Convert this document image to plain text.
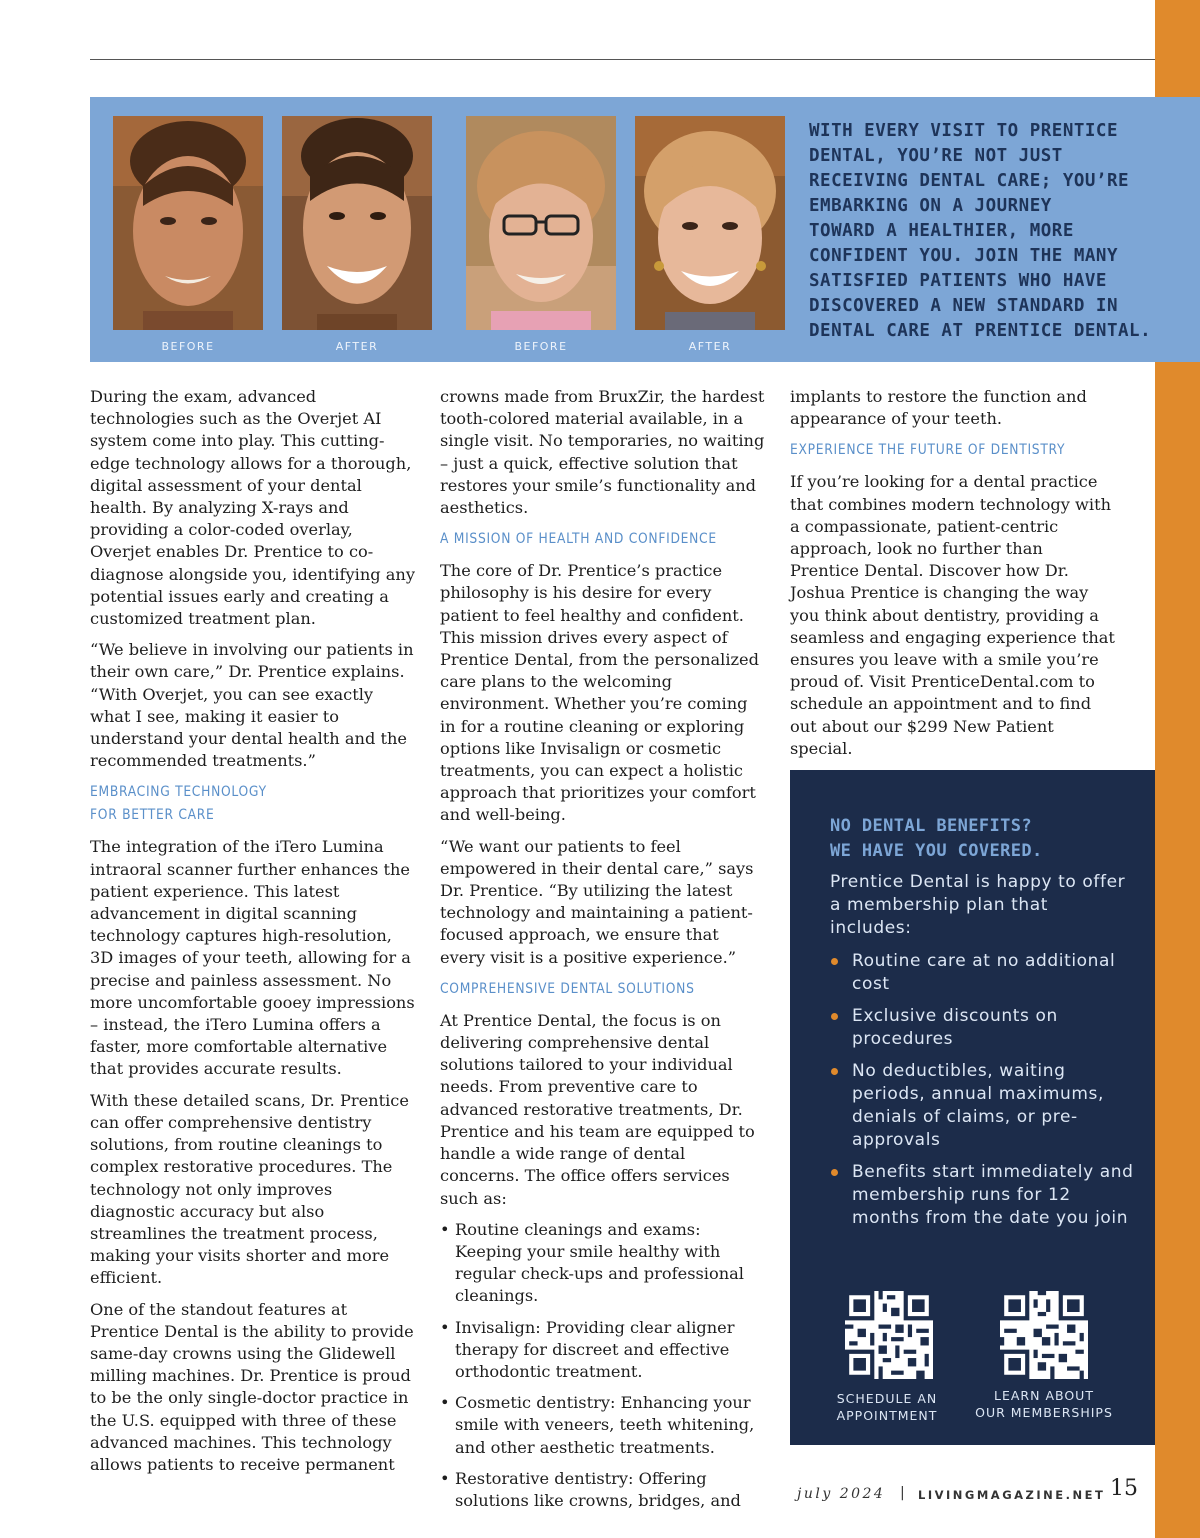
BEFORE	AFTER	BEFORE	AFTER
WITH EVERY VISIT TO PRENTICE
DENTAL, YOU’RE NOT JUST
RECEIVING DENTAL CARE; YOU’RE
EMBARKING ON A JOURNEY
TOWARD A HEALTHIER, MORE
CONFIDENT YOU. JOIN THE MANY
SATISFIED PATIENTS WHO HAVE
DISCOVERED A NEW STANDARD IN
DENTAL CARE AT PRENTICE DENTAL.

During the exam, advanced technologies such as the Overjet AI system come into play. This cutting-edge technology allows for a thorough, digital assessment of your dental health. By analyzing X-rays and providing a color-coded overlay, Overjet enables Dr. Prentice to co-diagnose alongside you, identifying any potential issues early and creating a customized treatment plan.

“We believe in involving our patients in their own care,” Dr. Prentice explains. “With Overjet, you can see exactly what I see, making it easier to understand your dental health and the recommended treatments.”

EMBRACING TECHNOLOGY
FOR BETTER CARE

The integration of the iTero Lumina intraoral scanner further enhances the patient experience. This latest advancement in digital scanning technology captures high-resolution, 3D images of your teeth, allowing for a precise and painless assessment. No more uncomfortable gooey impressions – instead, the iTero Lumina offers a faster, more comfortable alternative that provides accurate results.

With these detailed scans, Dr. Prentice can offer comprehensive dentistry solutions, from routine cleanings to complex restorative procedures. The technology not only improves diagnostic accuracy but also streamlines the treatment process, making your visits shorter and more efficient.

One of the standout features at Prentice Dental is the ability to provide same-day crowns using the Glidewell milling machines. Dr. Prentice is proud to be the only single-doctor practice in the U.S. equipped with three of these advanced machines. This technology allows patients to receive permanent

crowns made from BruxZir, the hardest tooth-colored material available, in a single visit. No temporaries, no waiting – just a quick, effective solution that restores your smile’s functionality and aesthetics.

A MISSION OF HEALTH AND CONFIDENCE

The core of Dr. Prentice’s practice philosophy is his desire for every patient to feel healthy and confident. This mission drives every aspect of Prentice Dental, from the personalized care plans to the welcoming environment. Whether you’re coming in for a routine cleaning or exploring options like Invisalign or cosmetic treatments, you can expect a holistic approach that prioritizes your comfort and well-being.

“We want our patients to feel empowered in their dental care,” says Dr. Prentice. “By utilizing the latest technology and maintaining a patient-focused approach, we ensure that every visit is a positive experience.”

COMPREHENSIVE DENTAL SOLUTIONS

At Prentice Dental, the focus is on delivering comprehensive dental solutions tailored to your individual needs. From preventive care to advanced restorative treatments, Dr. Prentice and his team are equipped to handle a wide range of dental concerns. The office offers services such as:

• Routine cleanings and exams: Keeping your smile healthy with regular check-ups and professional cleanings.
• Invisalign: Providing clear aligner therapy for discreet and effective orthodontic treatment.
• Cosmetic dentistry: Enhancing your smile with veneers, teeth whitening, and other aesthetic treatments.
• Restorative dentistry: Offering solutions like crowns, bridges, and

implants to restore the function and appearance of your teeth.

EXPERIENCE THE FUTURE OF DENTISTRY

If you’re looking for a dental practice that combines modern technology with a compassionate, patient-centric approach, look no further than Prentice Dental. Discover how Dr. Joshua Prentice is changing the way you think about dentistry, providing a seamless and engaging experience that ensures you leave with a smile you’re proud of. Visit PrenticeDental.com to schedule an appointment and to find out about our $299 New Patient special.

NO DENTAL BENEFITS?
WE HAVE YOU COVERED.
Prentice Dental is happy to offer a membership plan that includes:
Routine care at no additional cost
Exclusive discounts on procedures
No deductibles, waiting periods, annual maximums, denials of claims, or pre-approvals
Benefits start immediately and membership runs for 12 months from the date you join
SCHEDULE AN
APPOINTMENT
LEARN ABOUT
OUR MEMBERSHIPS
july 2024 | LIVINGMAGAZINE.NET 15
